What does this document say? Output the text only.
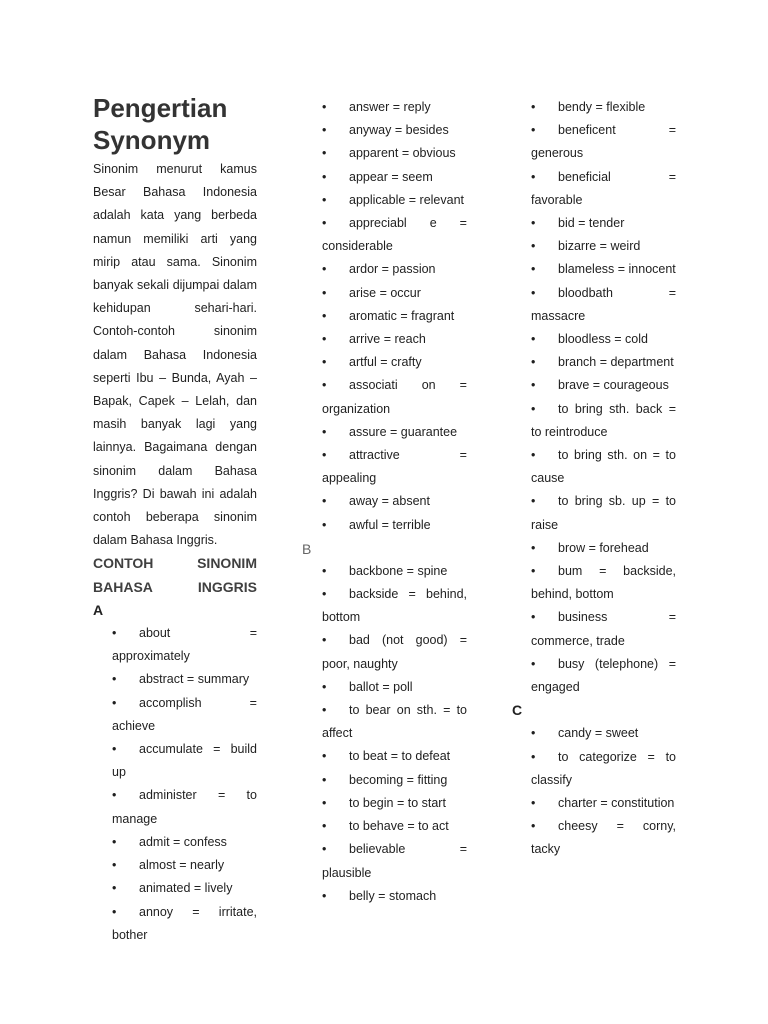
Pengertian Synonym

Sinonim menurut kamus Besar Bahasa Indonesia adalah kata yang berbeda namun memiliki arti yang mirip atau sama. Sinonim banyak sekali dijumpai dalam kehidupan sehari-hari. Contoh-contoh sinonim dalam Bahasa Indonesia seperti Ibu – Bunda, Ayah – Bapak, Capek – Lelah, dan masih banyak lagi yang lainnya. Bagaimana dengan sinonim dalam Bahasa Inggris? Di bawah ini adalah contoh beberapa sinonim dalam Bahasa Inggris.

CONTOH SINONIM BAHASA INGGRIS

A

• about = approximately
• abstract = summary
• accomplish = achieve
• accumulate = build up
• administer = to manage
• admit = confess
• almost = nearly
• animated = lively
• annoy = irritate, bother
• answer = reply
• anyway = besides
• apparent = obvious
• appear = seem
• applicable = relevant
• appreciabl e = considerable
• ardor = passion
• arise = occur
• aromatic = fragrant
• arrive = reach
• artful = crafty
• associati on = organization
• assure = guarantee
• attractive = appealing
• away = absent
• awful = terrible
B
• backbone = spine
• backside = behind, bottom
• bad (not good) = poor, naughty
• ballot = poll
• to bear on sth. = to affect
• to beat = to defeat
• becoming = fitting
• to begin = to start
• to behave = to act
• believable = plausible
• belly = stomach
• bendy = flexible
• beneficent = generous
• beneficial = favorable
• bid = tender
• bizarre = weird
• blameless = innocent
• bloodbath = massacre
• bloodless = cold
• branch = department
• brave = courageous
• to bring sth. back = to reintroduce
• to bring sth. on = to cause
• to bring sb. up = to raise
• brow = forehead
• bum = backside, behind, bottom
• business = commerce, trade
• busy (telephone) = engaged
C
• candy = sweet
• to categorize = to classify
• charter = constitution
• cheesy = corny, tacky
